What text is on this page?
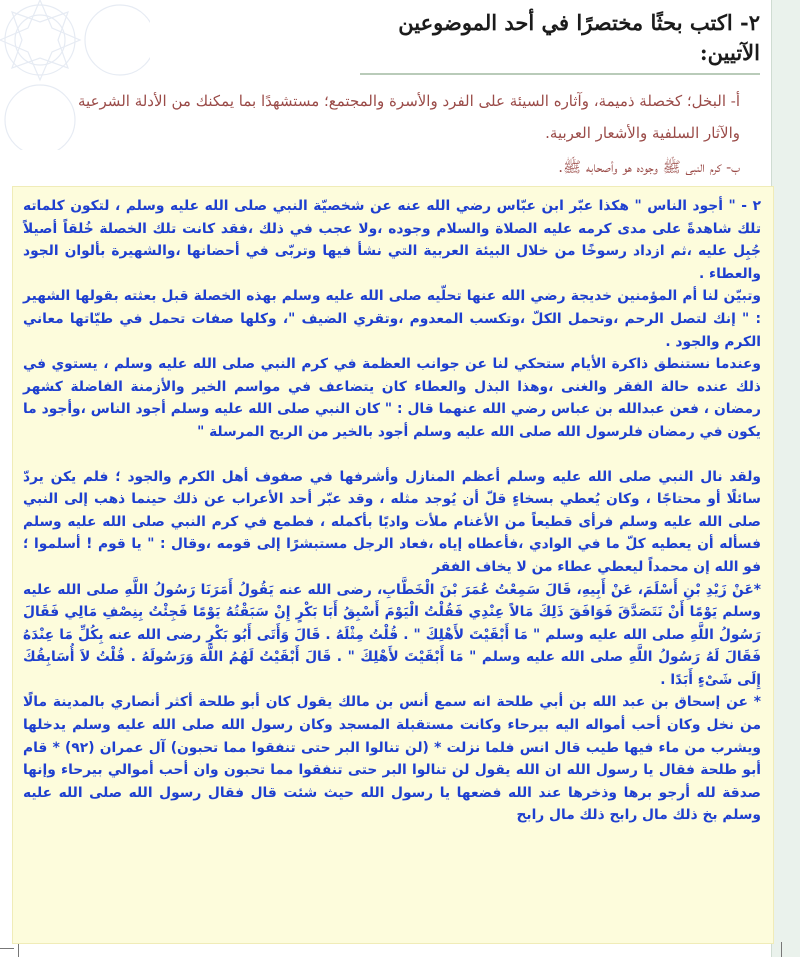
٢- اكتب بحثًا مختصرًا في أحد الموضوعين الآتيين:
أ- البخل؛ كخصلة ذميمة، وآثاره السيئة على الفرد والأسرة والمجتمع؛ مستشهدًا بما يمكنك من الأدلة الشرعية والآثار السلفية والأشعار العربية.
ب- كرم النبي ﷺ وجوده هو وأصحابه ﷺ.

٢ - " أجود الناس " هكذا عبّر ابن عبّاس رضي الله عنه عن شخصيّة النبي صلى الله عليه وسلم ، لتكون كلماته تلك شاهدةً على مدى كرمه عليه الصلاة والسلام وجوده ،ولا عجب في ذلك ،فقد كانت تلك الخصلة خُلقاً أصيلاً جُبِل عليه ،ثم ازداد رسوخًا من خلال البيئة العربية التي نشأ فيها وتربّى في أحضانها ،والشهيرة بألوان الجود والعطاء .

وتبيّن لنا أم المؤمنين خديجة رضي الله عنها تحلّيه صلى الله عليه وسلم بهذه الخصلة قبل بعثته بقولها الشهير : " إنك لتصل الرحم ،وتحمل الكلّ ،وتكسب المعدوم ،وتقري الضيف "، وكلها صفات تحمل في طيّاتها معاني الكرم والجود .

وعندما نستنطق ذاكرة الأيام ستحكي لنا عن جوانب العظمة في كرم النبي صلى الله عليه وسلم ، يستوي في ذلك عنده حالة الفقر والغنى ،وهذا البذل والعطاء كان يتضاعف في مواسم الخير والأزمنة الفاضلة كشهر رمضان ، فعن عبدالله بن عباس رضي الله عنهما قال : " كان النبي صلى الله عليه وسلم أجود الناس ،وأجود ما يكون في رمضان فلرسول الله صلى الله عليه وسلم أجود بالخير من الريح المرسلة "

ولقد نال النبي صلى الله عليه وسلم أعظم المنازل وأشرفها في صفوف أهل الكرم والجود ؛ فلم يكن يردّ سائلًا أو محتاجًا ، وكان يُعطي بسخاءٍ قلّ أن يُوجد مثله ، وقد عبّر أحد الأعراب عن ذلك حينما ذهب إلى النبي صلى الله عليه وسلم فرأى قطيعاً من الأغنام ملأت واديًا بأكمله ، فطمع في كرم النبي صلى الله عليه وسلم فسأله أن يعطيه كلّ ما في الوادي ،فأعطاه إياه ،فعاد الرجل مستبشرًا إلى قومه ،وقال : " يا قوم ! أسلموا ؛فو الله إن محمداً ليعطي عطاء من لا يخاف الفقر

*عَنْ زَيْدِ بْنِ أَسْلَمَ، عَنْ أَبِيهِ، قَالَ سَمِعْتُ عُمَرَ بْنَ الْخَطَّابِ، رضى الله عنه يَقُولُ أَمَرَنَا رَسُولُ اللَّهِ صلى الله عليه وسلم يَوْمًا أَنْ نَتَصَدَّقَ فَوَافَقَ ذَلِكَ مَالاً عِنْدِي فَقُلْتُ الْيَوْمَ أَسْبِقُ أَبَا بَكْرٍ إِنْ سَبَقْتُهُ يَوْمًا فَجِئْتُ بِنِصْفِ مَالِي فَقَالَ رَسُولُ اللَّهِ صلى الله عليه وسلم " مَا أَبْقَيْتَ لأَهْلِكَ " . قُلْتُ مِثْلَهُ . قَالَ وَأَتَى أَبُو بَكْرٍ رضى الله عنه بِكُلِّ مَا عِنْدَهُ فَقَالَ لَهُ رَسُولُ اللَّهِ صلى الله عليه وسلم " مَا أَبْقَيْتَ لأَهْلِكَ " . قَالَ أَبْقَيْتُ لَهُمُ اللَّهَ وَرَسُولَهُ . قُلْتُ لاَ أُسَابِقُكَ إِلَى شَىْءٍ أَبَدًا .

* عن إسحاق بن عبد الله بن أبي طلحة انه سمع أنس بن مالك يقول كان أبو طلحة أكثر أنصاري بالمدينة مالًا من نخل وكان أحب أمواله اليه بيرحاء وكانت مستقبلة المسجد وكان رسول الله صلى الله عليه وسلم يدخلها ويشرب من ماء فيها طيب قال انس فلما نزلت * (لن تنالوا البر حتى تنفقوا مما تحبون) آل عمران (٩٢) * قام أبو طلحة فقال يا رسول الله ان الله يقول لن تنالوا البر حتى تنفقوا مما تحبون وان أحب أموالي بيرحاء وإنها صدقة لله أرجو برها وذخرها عند الله فضعها يا رسول الله حيث شئت قال فقال رسول الله صلى الله عليه وسلم بخ ذلك مال رابح ذلك مال رابح
